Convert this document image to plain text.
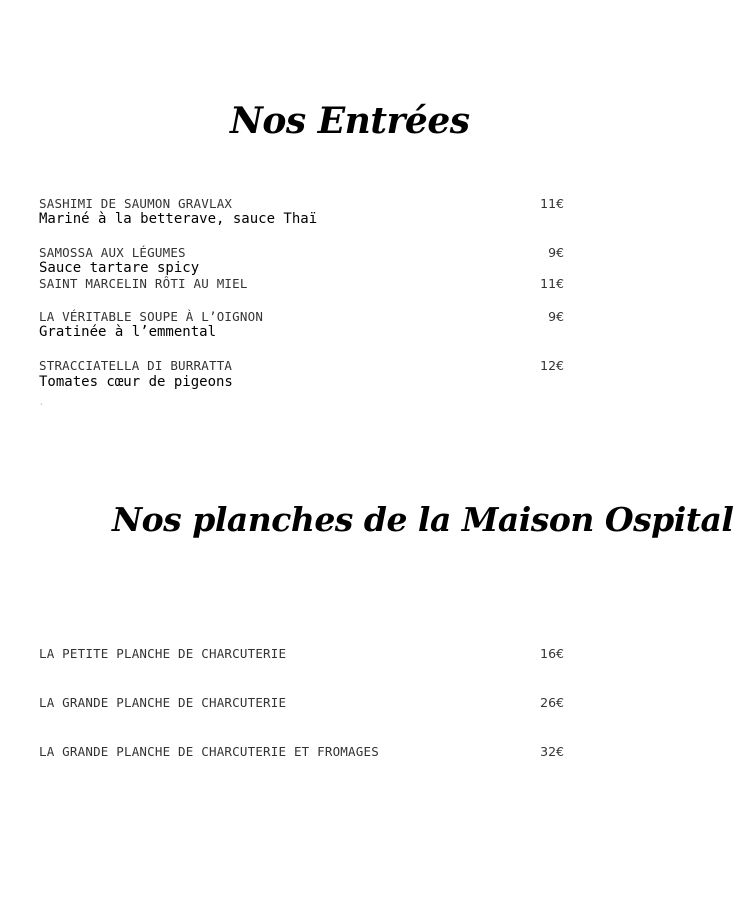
Nos Entrées
SASHIMI DE SAUMON GRAVLAX	11€
Mariné à la betterave, sauce Thaï
SAMOSSA AUX LÉGUMES	9€
Sauce tartare spicy
SAINT MARCELIN RÔTI AU MIEL	11€
LA VÉRITABLE SOUPE À L’OIGNON	9€
Gratinée à l’emmental
STRACCIATELLA DI BURRATTA	12€
Tomates cœur de pigeons
´
Nos planches de la Maison Ospital
LA PETITE PLANCHE DE CHARCUTERIE	16€
LA GRANDE PLANCHE DE CHARCUTERIE	26€
LA GRANDE PLANCHE DE CHARCUTERIE ET FROMAGES	32€
